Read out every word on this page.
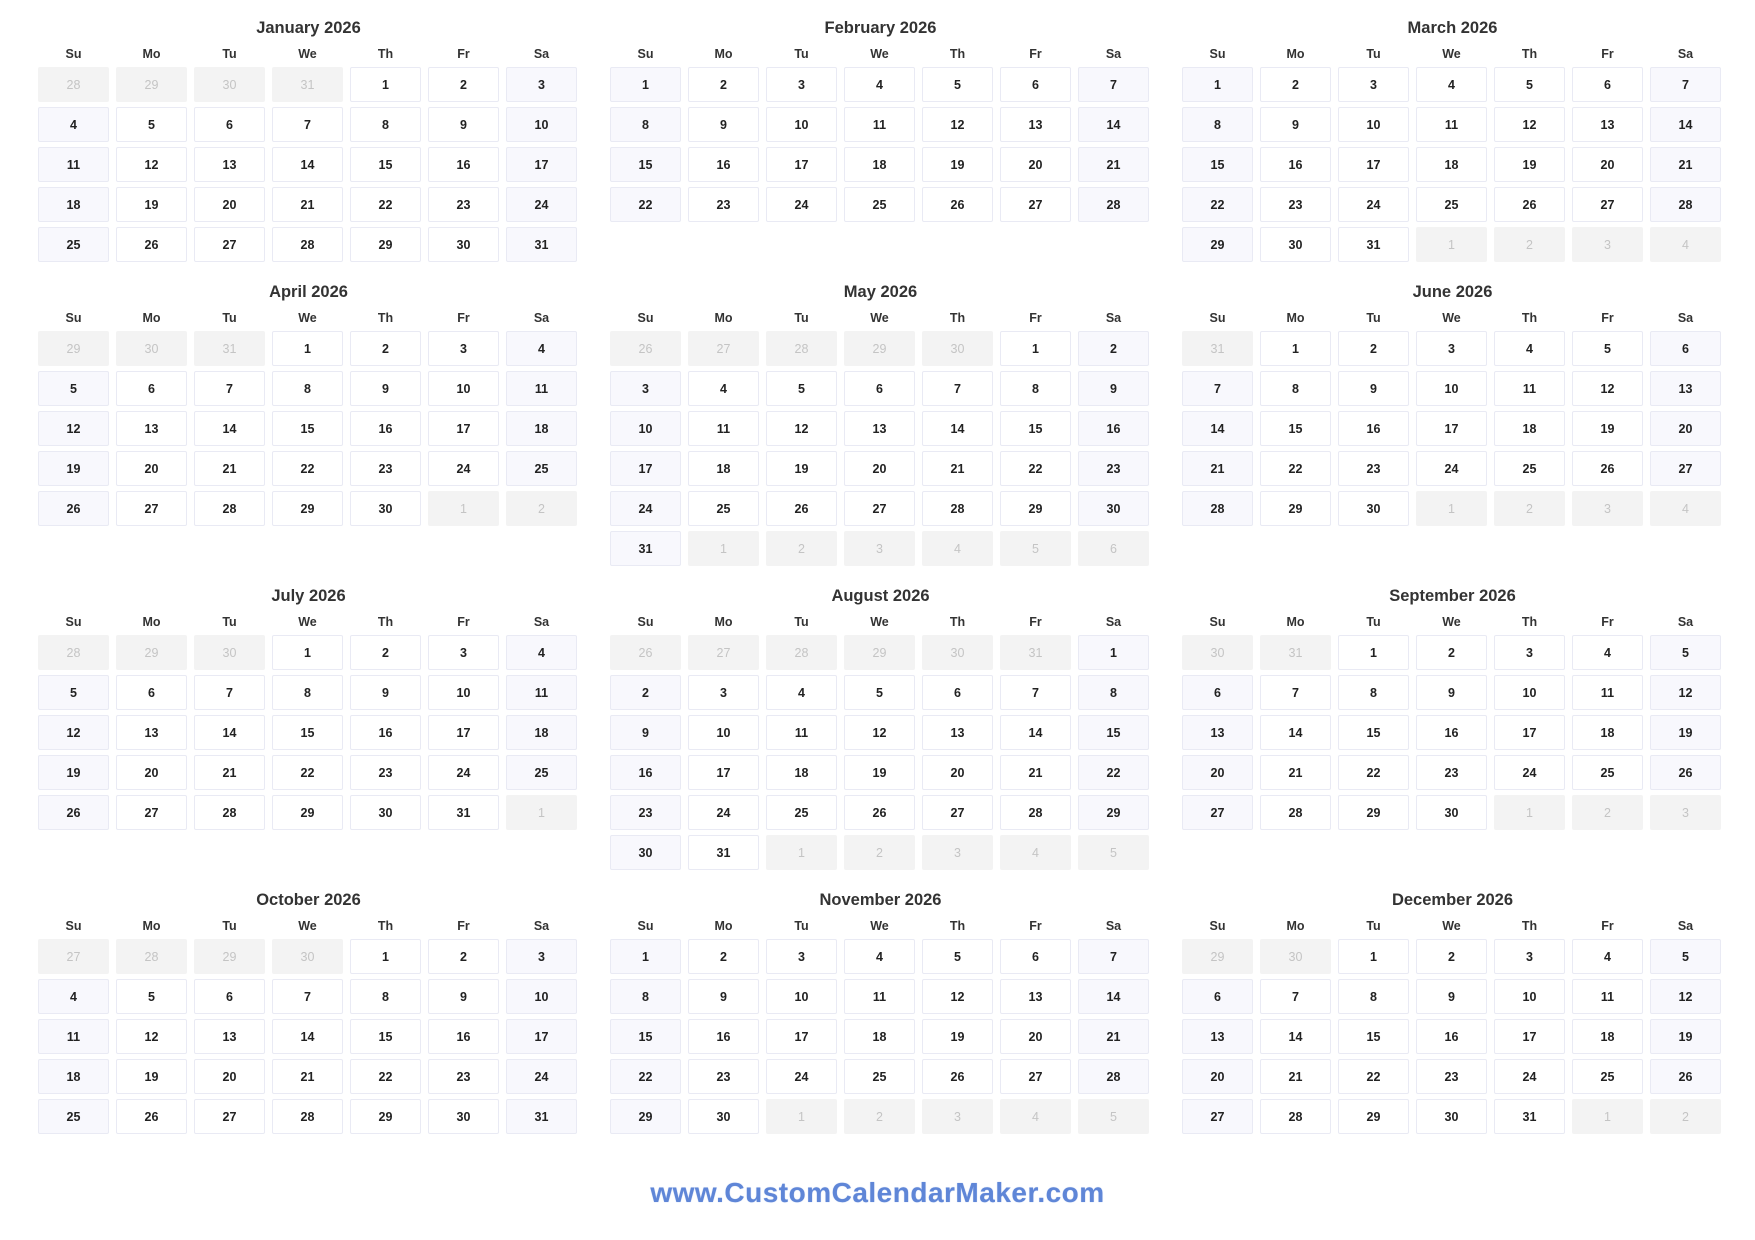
January 2026
Su	Mo	Tu	We	Th	Fr	Sa
28	29	30	31	1	2	3
4	5	6	7	8	9	10
11	12	13	14	15	16	17
18	19	20	21	22	23	24
25	26	27	28	29	30	31
February 2026
Su	Mo	Tu	We	Th	Fr	Sa
1	2	3	4	5	6	7
8	9	10	11	12	13	14
15	16	17	18	19	20	21
22	23	24	25	26	27	28
March 2026
Su	Mo	Tu	We	Th	Fr	Sa
1	2	3	4	5	6	7
8	9	10	11	12	13	14
15	16	17	18	19	20	21
22	23	24	25	26	27	28
29	30	31	1	2	3	4
April 2026
Su	Mo	Tu	We	Th	Fr	Sa
29	30	31	1	2	3	4
5	6	7	8	9	10	11
12	13	14	15	16	17	18
19	20	21	22	23	24	25
26	27	28	29	30	1	2
May 2026
Su	Mo	Tu	We	Th	Fr	Sa
26	27	28	29	30	1	2
3	4	5	6	7	8	9
10	11	12	13	14	15	16
17	18	19	20	21	22	23
24	25	26	27	28	29	30
31	1	2	3	4	5	6
June 2026
Su	Mo	Tu	We	Th	Fr	Sa
31	1	2	3	4	5	6
7	8	9	10	11	12	13
14	15	16	17	18	19	20
21	22	23	24	25	26	27
28	29	30	1	2	3	4
July 2026
Su	Mo	Tu	We	Th	Fr	Sa
28	29	30	1	2	3	4
5	6	7	8	9	10	11
12	13	14	15	16	17	18
19	20	21	22	23	24	25
26	27	28	29	30	31	1
August 2026
Su	Mo	Tu	We	Th	Fr	Sa
26	27	28	29	30	31	1
2	3	4	5	6	7	8
9	10	11	12	13	14	15
16	17	18	19	20	21	22
23	24	25	26	27	28	29
30	31	1	2	3	4	5
September 2026
Su	Mo	Tu	We	Th	Fr	Sa
30	31	1	2	3	4	5
6	7	8	9	10	11	12
13	14	15	16	17	18	19
20	21	22	23	24	25	26
27	28	29	30	1	2	3
October 2026
Su	Mo	Tu	We	Th	Fr	Sa
27	28	29	30	1	2	3
4	5	6	7	8	9	10
11	12	13	14	15	16	17
18	19	20	21	22	23	24
25	26	27	28	29	30	31
November 2026
Su	Mo	Tu	We	Th	Fr	Sa
1	2	3	4	5	6	7
8	9	10	11	12	13	14
15	16	17	18	19	20	21
22	23	24	25	26	27	28
29	30	1	2	3	4	5
December 2026
Su	Mo	Tu	We	Th	Fr	Sa
29	30	1	2	3	4	5
6	7	8	9	10	11	12
13	14	15	16	17	18	19
20	21	22	23	24	25	26
27	28	29	30	31	1	2
www.CustomCalendarMaker.com
